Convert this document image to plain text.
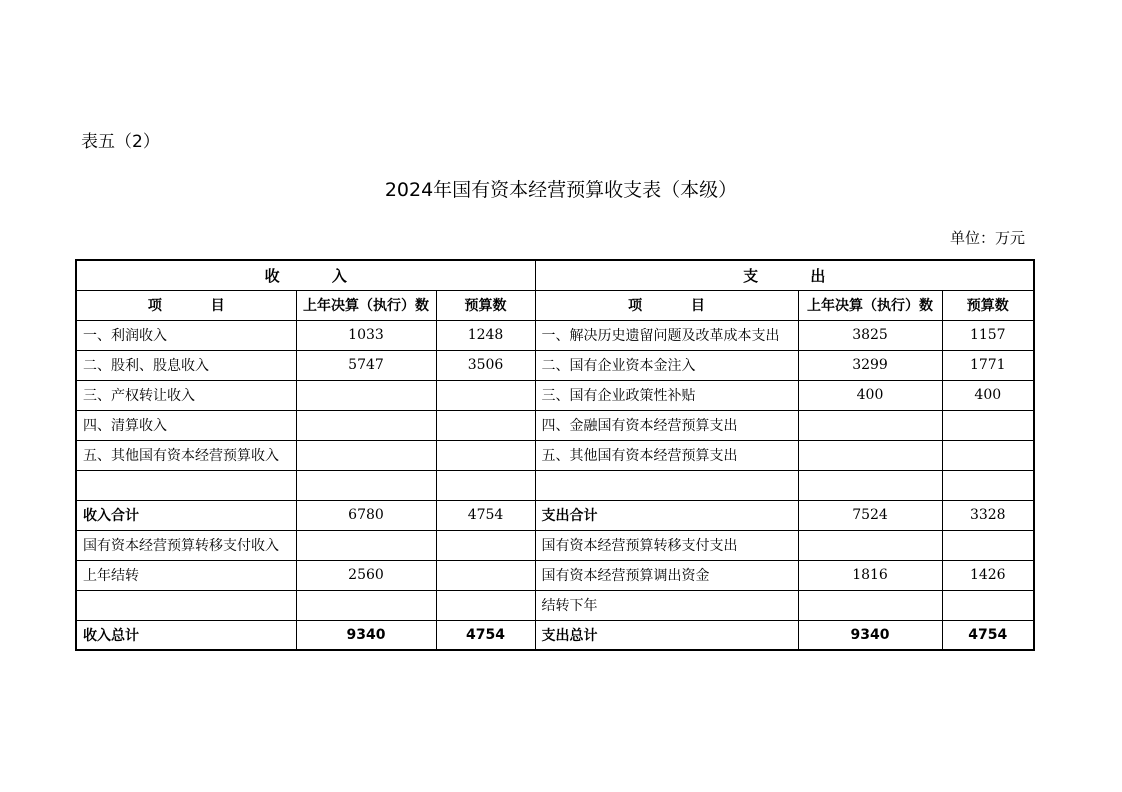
表五（2）
2024年国有资本经营预算收支表（本级）
单位：万元
收          入			支          出		
项          目	上年决算（执行）数	预算数	项          目	上年决算（执行）数	预算数
一、利润收入	1033	1248	一、解决历史遗留问题及改革成本支出	3825	1157
二、股利、股息收入	5747	3506	二、国有企业资本金注入	3299	1771
三、产权转让收入			三、国有企业政策性补贴	400	400
四、清算收入			四、金融国有资本经营预算支出		
五、其他国有资本经营预算收入			五、其他国有资本经营预算支出		

收入合计	6780	4754	支出合计	7524	3328
国有资本经营预算转移支付收入			国有资本经营预算转移支付支出		
上年结转	2560		国有资本经营预算调出资金	1816	1426
			结转下年		
收入总计	9340	4754	支出总计	9340	4754
